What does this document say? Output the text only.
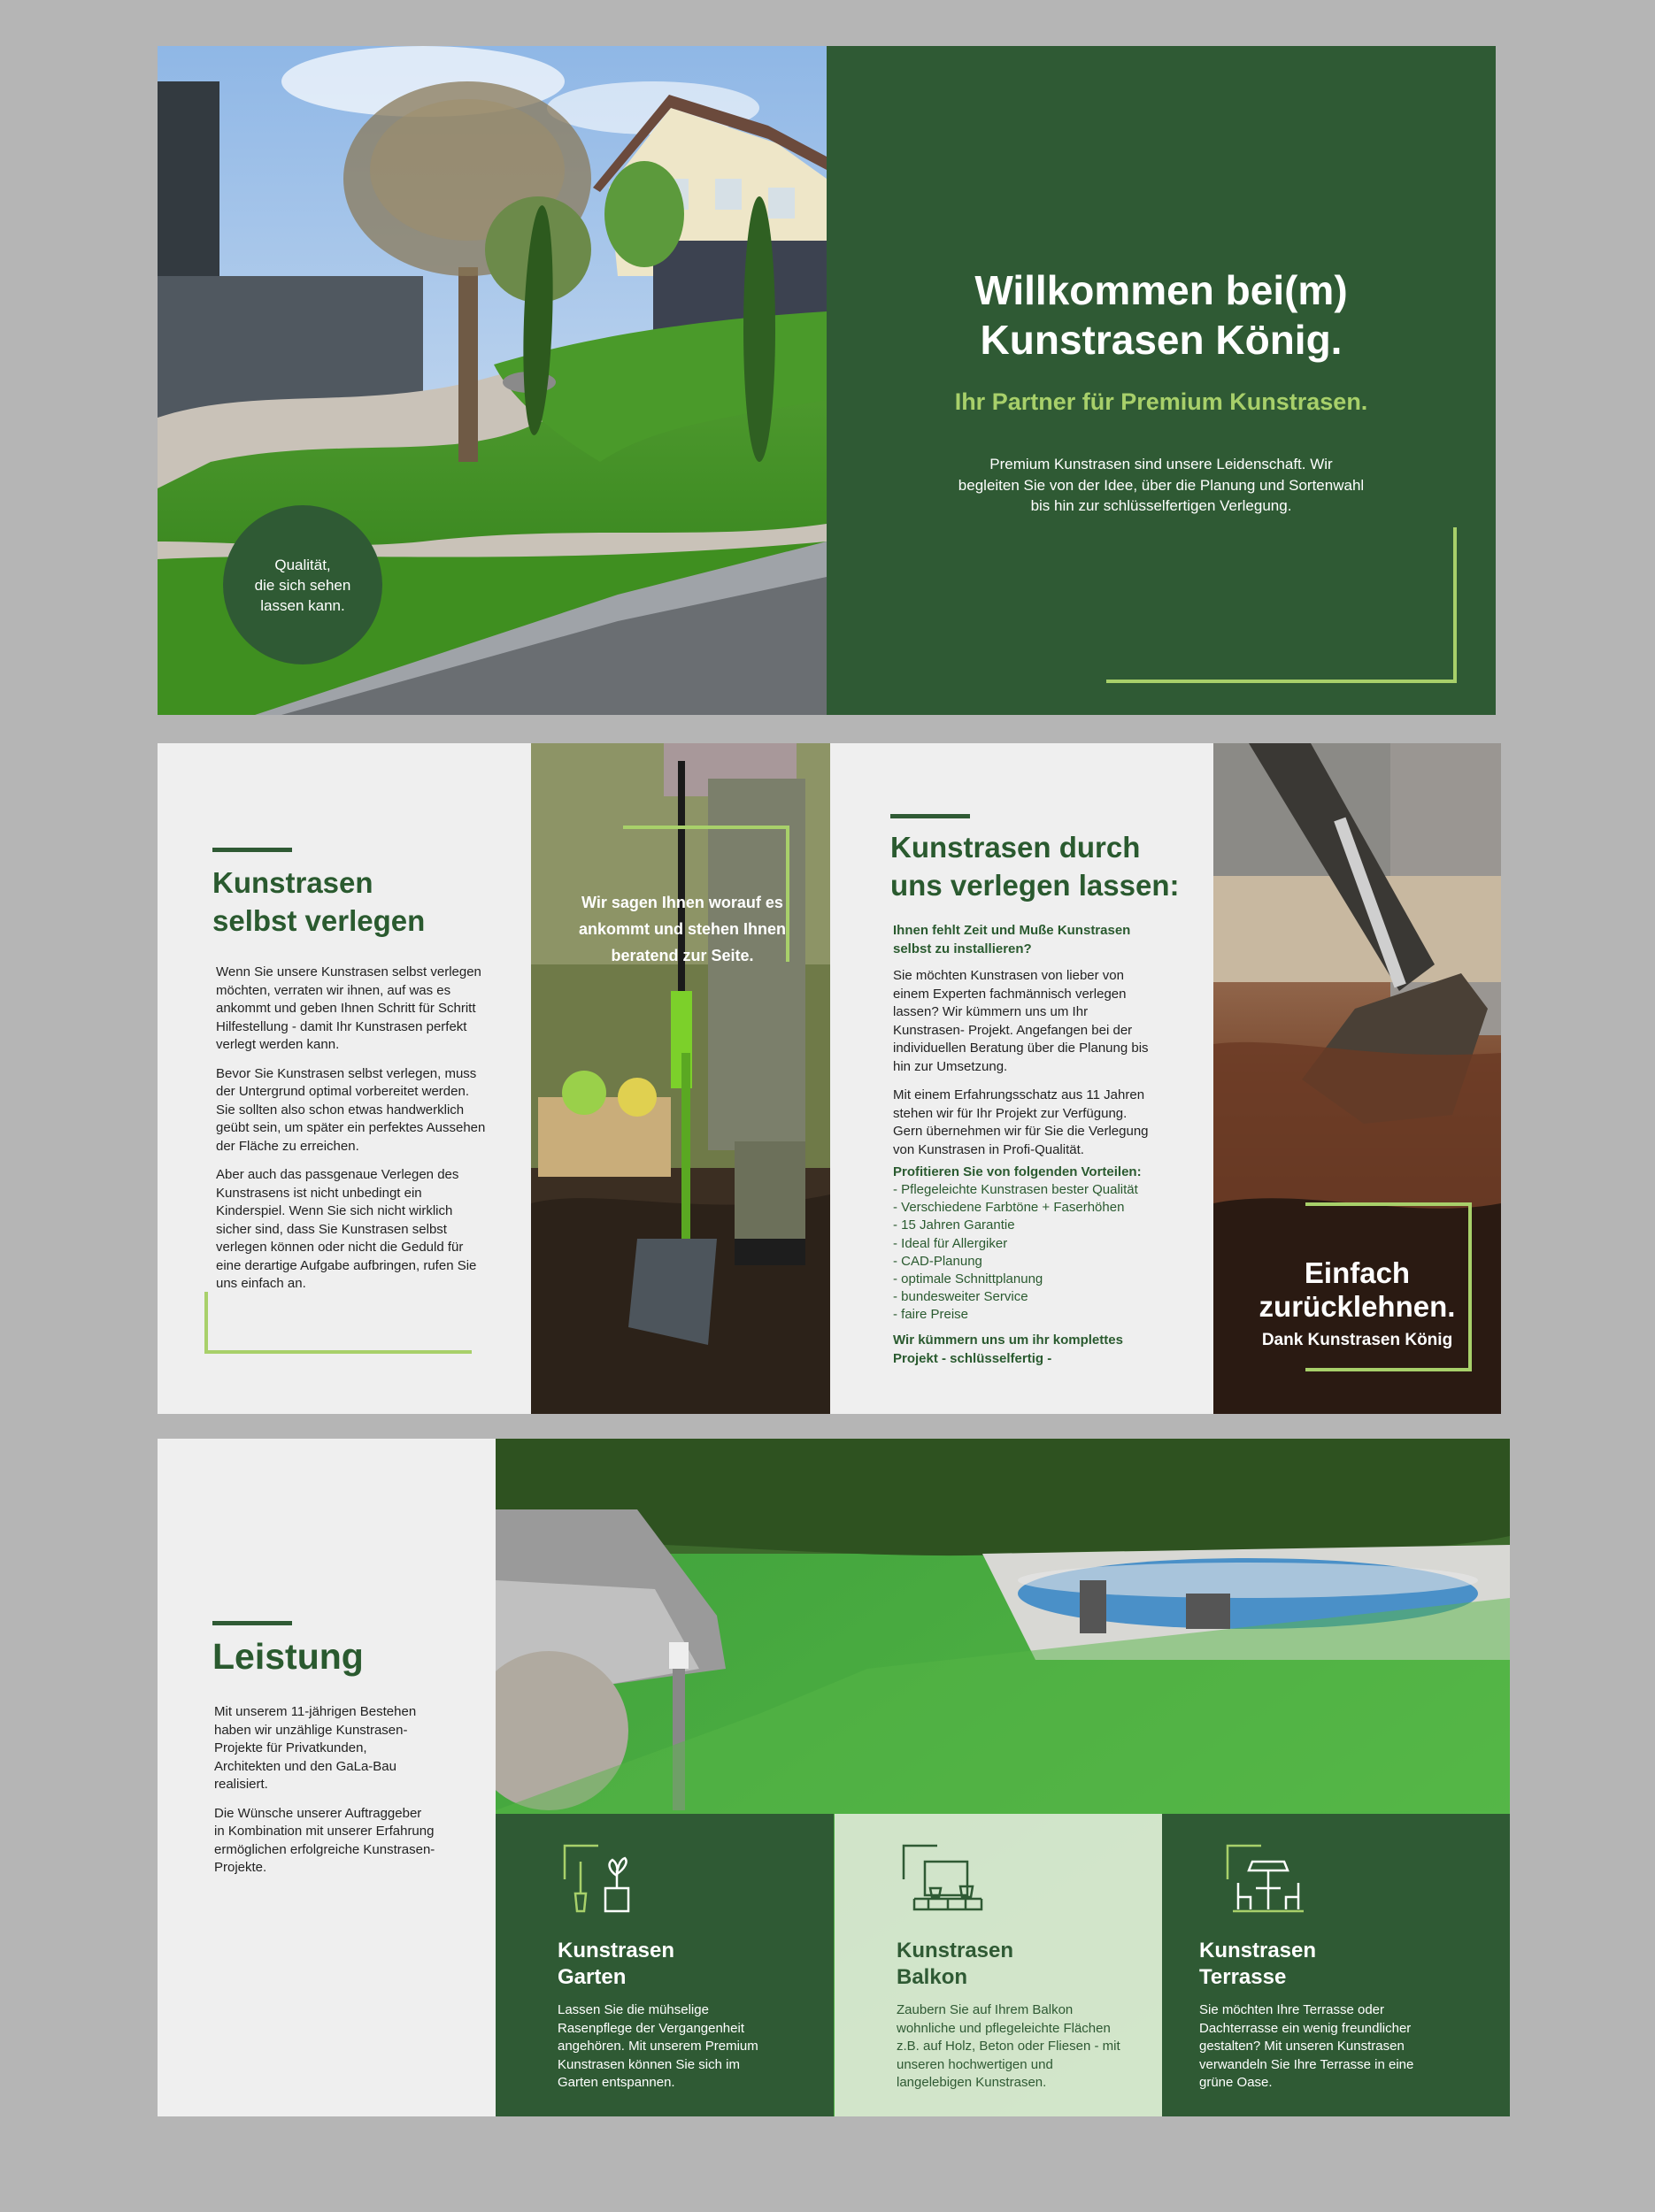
Qualität,
die sich sehen
lassen kann.
Willkommen bei(m)
Kunstrasen König.
Ihr Partner für Premium Kunstrasen.
Premium Kunstrasen sind unsere Leidenschaft. Wir begleiten Sie von der Idee, über die Planung und Sortenwahl bis hin zur schlüsselfertigen Verlegung.
Kunstrasen
selbst verlegen

Wenn Sie unsere Kunstrasen selbst verlegen möchten, verraten wir ihnen, auf was es ankommt und geben Ihnen Schritt für Schritt Hilfestellung - damit Ihr Kunstrasen perfekt verlegt werden kann.

Bevor Sie Kunstrasen selbst verlegen, muss der Untergrund optimal vorbereitet werden. Sie sollten also schon etwas handwerklich geübt sein, um später ein perfektes Aussehen der Fläche zu erreichen.

Aber auch das passgenaue Verlegen des Kunstrasens ist nicht unbedingt ein Kinderspiel. Wenn Sie sich nicht wirklich sicher sind, dass Sie Kunstrasen selbst verlegen können oder nicht die Geduld für eine derartige Aufgabe aufbringen, rufen Sie uns einfach an.

Wir sagen Ihnen worauf es ankommt und stehen Ihnen beratend zur Seite.
Kunstrasen durch
uns verlegen lassen:
Ihnen fehlt Zeit und Muße Kunstrasen selbst zu installieren?

Sie möchten Kunstrasen von lieber von einem Experten fachmännisch verlegen lassen? Wir kümmern uns um Ihr Kunstrasen- Projekt. Angefangen bei der individuellen Beratung über die Planung bis hin zur Umsetzung.

Mit einem Erfahrungsschatz aus 11 Jahren stehen wir für Ihr Projekt zur Verfügung. Gern übernehmen wir für Sie die Verlegung von Kunstrasen in Profi-Qualität.

Profitieren Sie von folgenden Vorteilen:
- Pflegeleichte Kunstrasen bester Qualität
- Verschiedene Farbtöne + Faserhöhen
- 15 Jahren Garantie
- Ideal für Allergiker
- CAD-Planung
- optimale Schnittplanung
- bundesweiter Service
- faire Preise
Wir kümmern uns um ihr komplettes Projekt - schlüsselfertig -
Einfach
zurücklehnen.
Dank Kunstrasen König
Leistung

Mit unserem 11-jährigen Bestehen haben wir unzählige Kunstrasen-Projekte für Privatkunden, Architekten und den GaLa-Bau realisiert.

Die Wünsche unserer Auftraggeber in Kombination mit unserer Erfahrung ermöglichen erfolgreiche Kunstrasen-Projekte.

Kunstrasen
Garten
Lassen Sie die mühselige Rasenpflege der Vergangenheit angehören. Mit unserem Premium Kunstrasen können Sie sich im Garten entspannen.
Kunstrasen
Balkon
Zaubern Sie auf Ihrem Balkon wohnliche und pflegeleichte Flächen z.B. auf Holz, Beton oder Fliesen - mit unseren hochwertigen und langelebigen Kunstrasen.
Kunstrasen
Terrasse
Sie möchten Ihre Terrasse oder Dachterrasse ein wenig freundlicher gestalten? Mit unseren Kunstrasen verwandeln Sie Ihre Terrasse in eine grüne Oase.
